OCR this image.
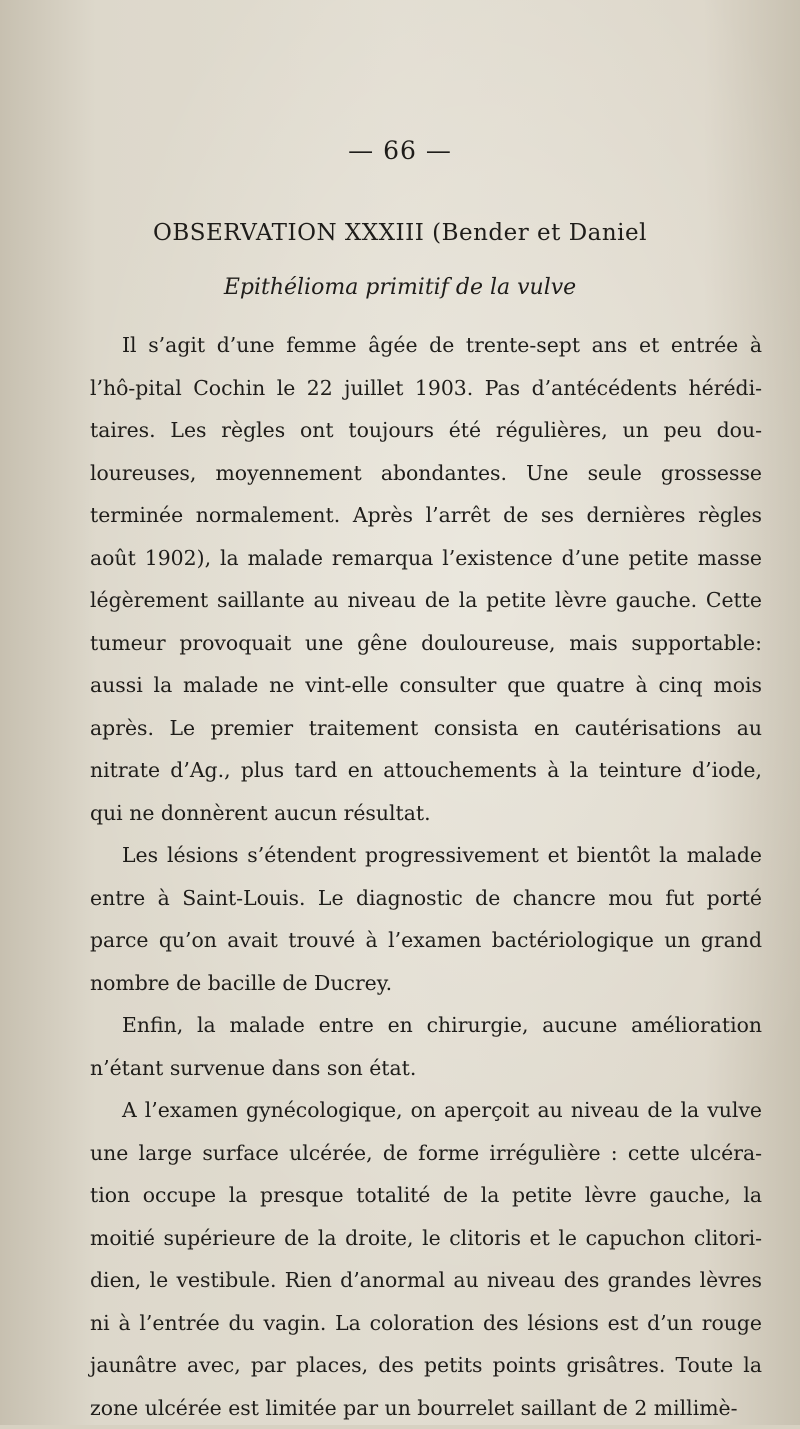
— 66 —
OBSERVATION XXXIII (Bender et Daniel
Epithélioma primitif de la vulve

Il s’agit d’une femme âgée de trente-sept ans et entrée à l’hô-pital Cochin le 22 juillet 1903. Pas d’antécédents hérédi-taires. Les règles ont toujours été régulières, un peu dou-loureuses, moyennement abondantes. Une seule grossesse terminée normalement. Après l’arrêt de ses dernières règles août 1902), la malade remarqua l’existence d’une petite masse légèrement saillante au niveau de la petite lèvre gauche. Cette tumeur provoquait une gêne douloureuse, mais supportable: aussi la malade ne vint-elle consulter que quatre à cinq mois après. Le premier traitement consista en cautérisations au nitrate d’Ag., plus tard en attouchements à la teinture d’iode, qui ne donnèrent aucun résultat.

Les lésions s’étendent progressivement et bientôt la malade entre à Saint-Louis. Le diagnostic de chancre mou fut porté parce qu’on avait trouvé à l’examen bactériologique un grand nombre de bacille de Ducrey.

Enfin, la malade entre en chirurgie, aucune amélioration n’étant survenue dans son état.

A l’examen gynécologique, on aperçoit au niveau de la vulve une large surface ulcérée, de forme irrégulière : cette ulcéra-tion occupe la presque totalité de la petite lèvre gauche, la moitié supérieure de la droite, le clitoris et le capuchon clitori-dien, le vestibule. Rien d’anormal au niveau des grandes lèvres ni à l’entrée du vagin. La coloration des lésions est d’un rouge jaunâtre avec, par places, des petits points grisâtres. Toute la zone ulcérée est limitée par un bourrelet saillant de 2 millimè-
